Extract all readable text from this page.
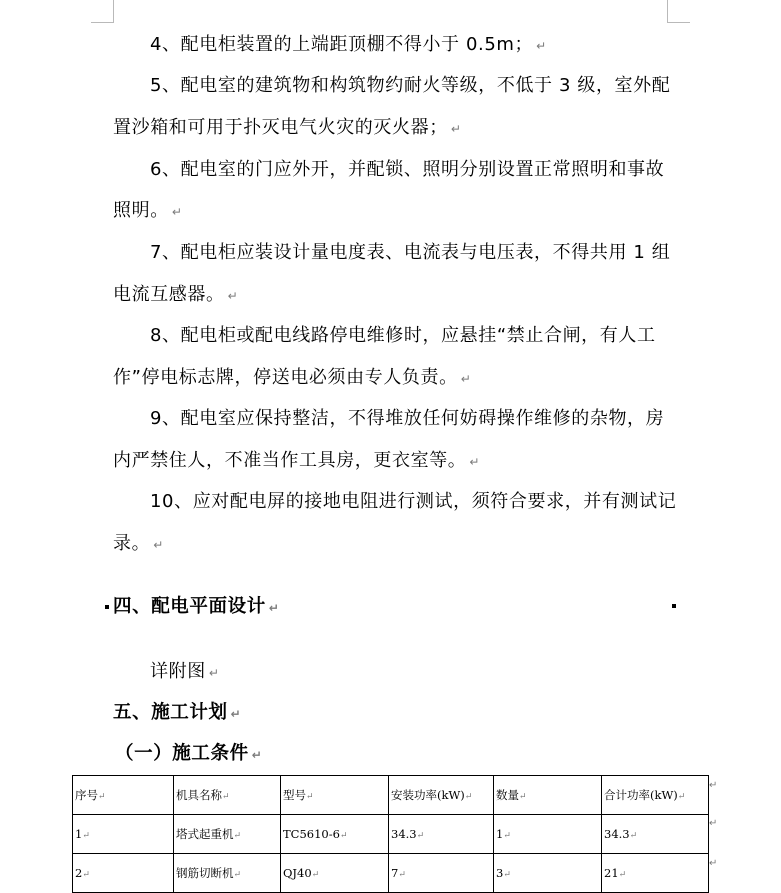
4、配电柜装置的上端距顶棚不得小于 0.5m； ↵
5、配电室的建筑物和构筑物约耐火等级，不低于 3 级，室外配
置沙箱和可用于扑灭电气火灾的灭火器； ↵
6、配电室的门应外开，并配锁、照明分别设置正常照明和事故
照明。 ↵
7、配电柜应装设计量电度表、电流表与电压表，不得共用 1 组
电流互感器。 ↵
8、配电柜或配电线路停电维修时，应悬挂“禁止合闸，有人工
作”停电标志牌，停送电必须由专人负责。 ↵
9、配电室应保持整洁，不得堆放任何妨碍操作维修的杂物，房
内严禁住人，不准当作工具房，更衣室等。 ↵
10、应对配电屏的接地电阻进行测试，须符合要求，并有测试记
录。 ↵
四、配电平面设计 ↵
详附图 ↵
五、施工计划 ↵
（一）施工条件 ↵
序号↵	机具名称↵	型号↵	安装功率(kW)↵	数量↵	合计功率(kW)↵
1↵	塔式起重机↵	TC5610-6↵	34.3↵	1↵	34.3↵
2↵	钢筋切断机↵	QJ40↵	7↵	3↵	21↵
↵
↵
↵
